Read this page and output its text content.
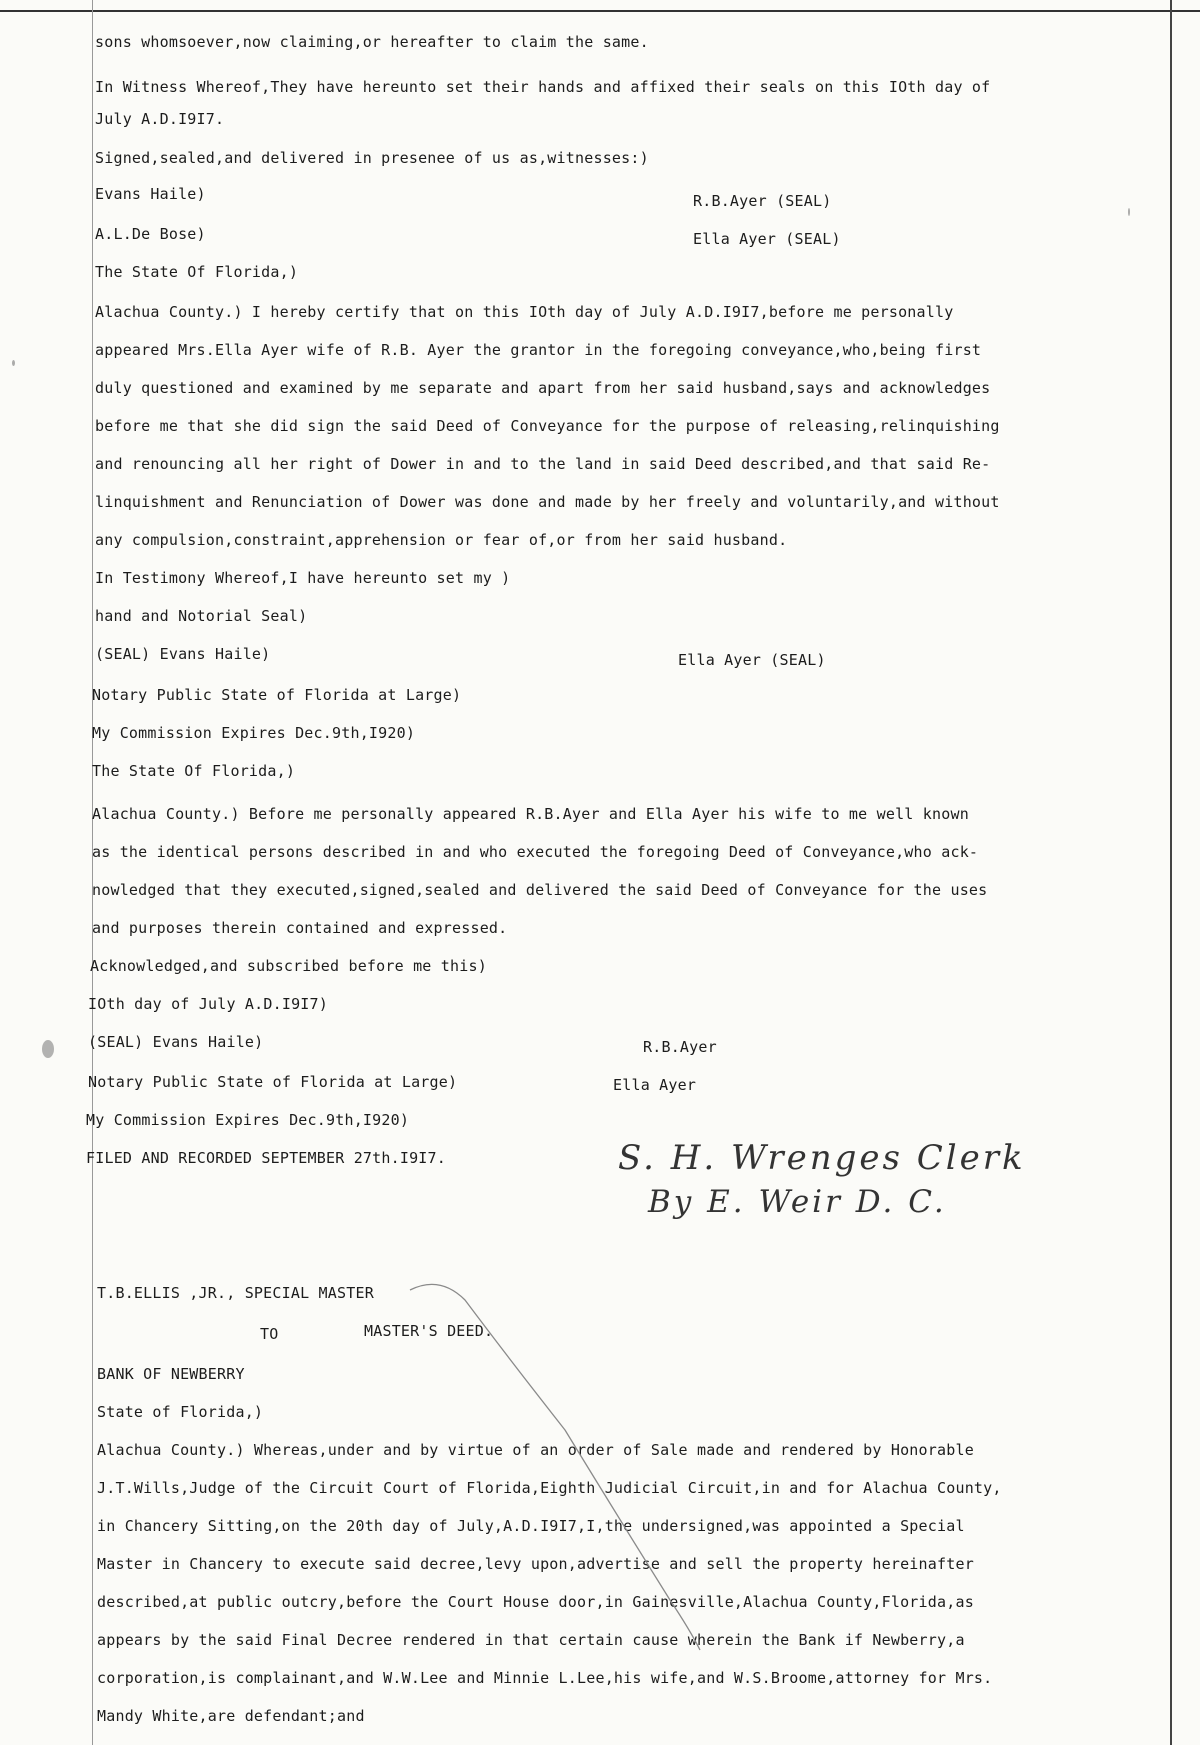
sons whomsoever,now claiming,or hereafter to claim the same.
In Witness Whereof,They have hereunto set their hands and affixed their seals on this IOth day of
July A.D.I9I7.
Signed,sealed,and delivered in presenee of us as,witnesses:)
Evans Haile)	R.B.Ayer (SEAL)
A.L.De Bose)	Ella Ayer (SEAL)
The State Of Florida,)
Alachua County.) I hereby certify that on this IOth day of July A.D.I9I7,before me personally
appeared Mrs.Ella Ayer wife of R.B. Ayer the grantor in the foregoing conveyance,who,being first
duly questioned and examined by me separate and apart from her said husband,says and acknowledges
before me that she did sign the said Deed of Conveyance for the purpose of releasing,relinquishing
and renouncing all her right of Dower in and to the land in said Deed described,and that said Re-
linquishment and Renunciation of Dower was done and made by her freely and voluntarily,and without
any compulsion,constraint,apprehension or fear of,or from her said husband.
In Testimony Whereof,I have hereunto set my )
hand and Notorial Seal)
(SEAL) Evans Haile)	Ella Ayer (SEAL)
Notary Public State of Florida at Large)
My Commission Expires Dec.9th,I920)
The State Of Florida,)
Alachua County.) Before me personally appeared R.B.Ayer and Ella Ayer his wife to me well known
as the identical persons described in and who executed the foregoing Deed of Conveyance,who ack-
nowledged that they executed,signed,sealed and delivered the said Deed of Conveyance for the uses
and purposes therein contained and expressed.
Acknowledged,and subscribed before me this)
IOth day of July A.D.I9I7)
(SEAL) Evans Haile)	R.B.Ayer
Notary Public State of Florida at Large)	Ella Ayer
My Commission Expires Dec.9th,I920)
FILED AND RECORDED SEPTEMBER 27th.I9I7.	S. H. Wrenges Clerk
By E. Weir D. C.
T.B.ELLIS ,JR., SPECIAL MASTER
TO	MASTER'S DEED.
BANK OF NEWBERRY
State of Florida,)
Alachua County.) Whereas,under and by virtue of an order of Sale made and rendered by Honorable
J.T.Wills,Judge of the Circuit Court of Florida,Eighth Judicial Circuit,in and for Alachua County,
in Chancery Sitting,on the 20th day of July,A.D.I9I7,I,the undersigned,was appointed a Special
Master in Chancery to execute said decree,levy upon,advertise and sell the property hereinafter
described,at public outcry,before the Court House door,in Gainesville,Alachua County,Florida,as
appears by the said Final Decree rendered in that certain cause wherein the Bank if Newberry,a
corporation,is complainant,and W.W.Lee and Minnie L.Lee,his wife,and W.S.Broome,attorney for Mrs.
Mandy White,are defendant;and
